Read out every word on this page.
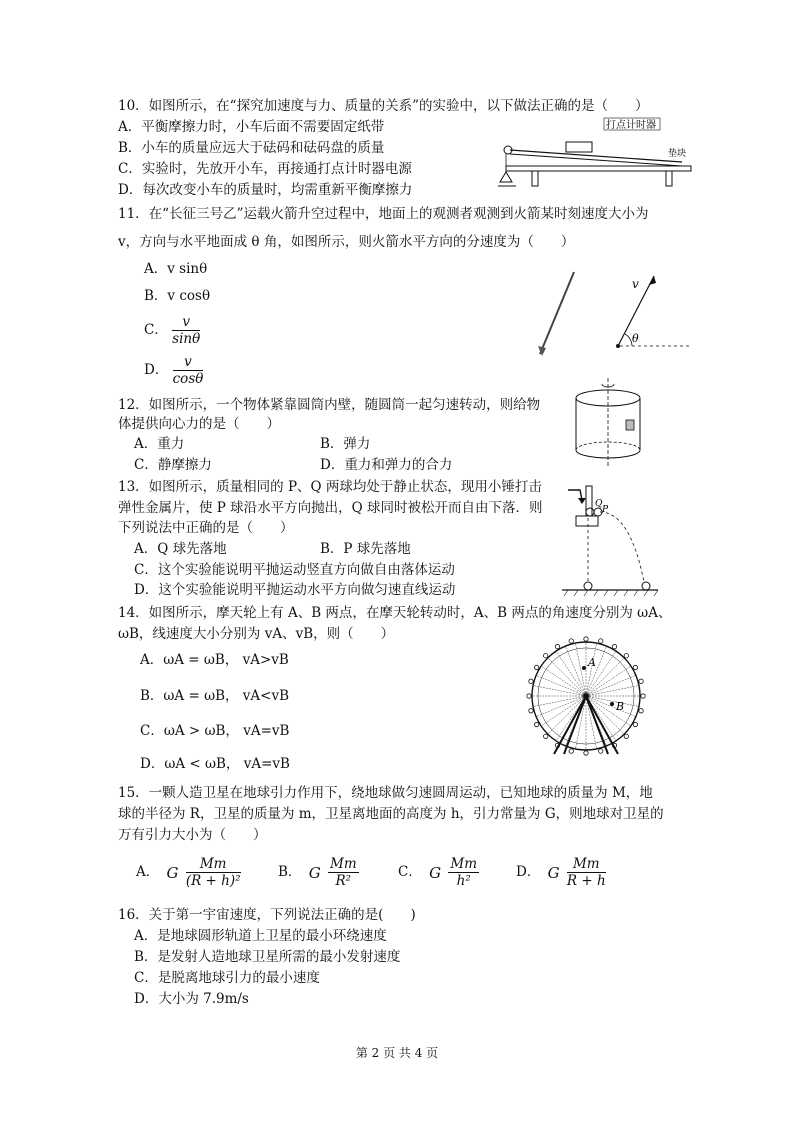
10．如图所示，在“探究加速度与力、质量的关系”的实验中，以下做法正确的是（　　）
A．平衡摩擦力时，小车后面不需要固定纸带
B．小车的质量应远大于砝码和砝码盘的质量
C．实验时，先放开小车，再接通打点计时器电源
D．每次改变小车的质量时，均需重新平衡摩擦力
打点计时器
垫块
11．在“长征三号乙”运载火箭升空过程中，地面上的观测者观测到火箭某时刻速度大小为
v，方向与水平地面成 θ 角，如图所示，则火箭水平方向的分速度为（　　）
A．v sinθ
B．v cosθ
C． $\frac{v}{\sin\theta}$
D． $\frac{v}{\cos\theta}$
v
θ
12．如图所示，一个物体紧靠圆筒内壁，随圆筒一起匀速转动，则给物
体提供向心力的是（　　）
A．重力	B．弹力
C．静摩擦力	D．重力和弹力的合力
13．如图所示，质量相同的 P、Q 两球均处于静止状态，现用小锤打击
弹性金属片，使 P 球沿水平方向抛出，Q 球同时被松开而自由下落．则
下列说法中正确的是（　　）
A．Q 球先落地	B．P 球先落地
C．这个实验能说明平抛运动竖直方向做自由落体运动
D．这个实验能说明平抛运动水平方向做匀速直线运动
Q
P
14．如图所示，摩天轮上有 A、B 两点，在摩天轮转动时，A、B 两点的角速度分别为 ωA、
ωB，线速度大小分别为 vA、vB，则（　　）
A．ωA = ωB， vA>vB
B．ωA = ωB， vA<vB
C．ωA > ωB， vA=vB
D．ωA < ωB， vA=vB
A
B
15．一颗人造卫星在地球引力作用下，绕地球做匀速圆周运动，已知地球的质量为 M，地
球的半径为 R，卫星的质量为 m，卫星离地面的高度为 h，引力常量为 G，则地球对卫星的
万有引力大小为（　　）
A． G $\frac{Mm}{\text{(R + h)²}}$	B． G $\frac{Mm}{\text{R²}}$	C． G $\frac{Mm}{\text{h²}}$	D． G $\frac{Mm}{R + h}$
16．关于第一宇宙速度，下列说法正确的是(　　)
A．是地球圆形轨道上卫星的最小环绕速度
B．是发射人造地球卫星所需的最小发射速度
C．是脱离地球引力的最小速度
D．大小为 7.9m/s
第 2 页 共 4 页
